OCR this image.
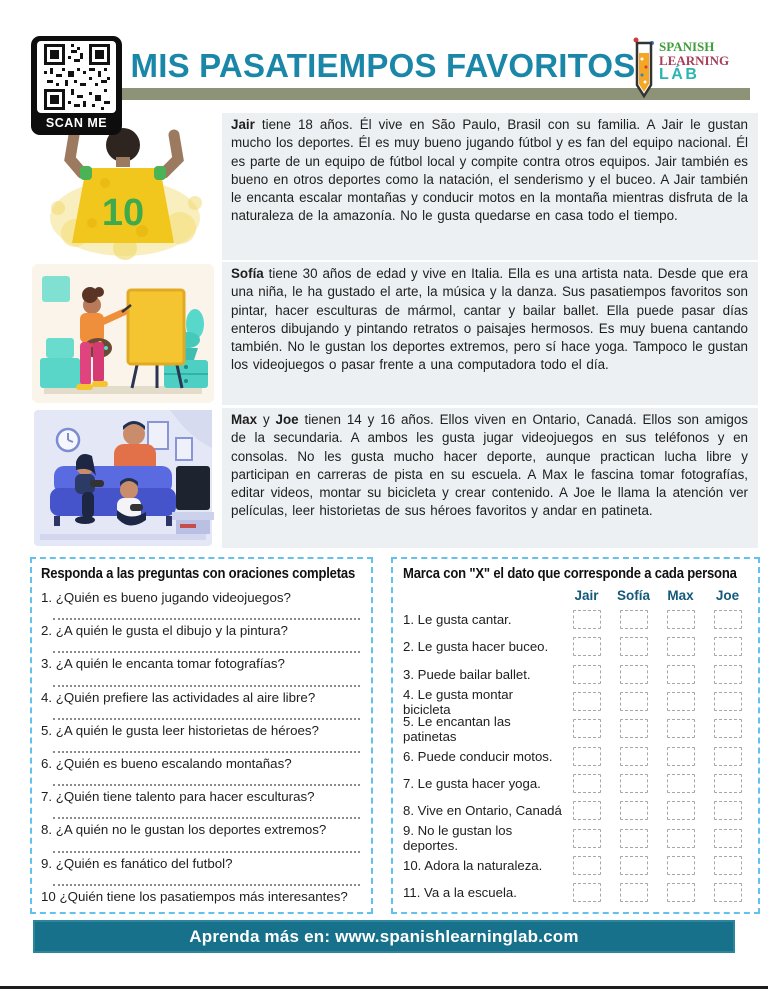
SCAN ME
MIS PASATIEMPOS FAVORITOS
SPANISH
LEARNING
LÁB
10

Jair tiene 18 años. Él vive en São Paulo, Brasil con su familia. A Jair le gustan mucho los deportes. Él es muy bueno jugando fútbol y es fan del equipo nacional. Él es parte de un equipo de fútbol local y compite contra otros equipos. Jair también es bueno en otros deportes como la natación, el senderismo y el buceo. A Jair también le encanta escalar montañas y conducir motos en la montaña mientras disfruta de la naturaleza de la amazonía. No le gusta quedarse en casa todo el tiempo.

Sofía tiene 30 años de edad y vive en Italia. Ella es una artista nata. Desde que era una niña, le ha gustado el arte, la música y la danza. Sus pasatiempos favoritos son pintar, hacer esculturas de mármol, cantar y bailar ballet. Ella puede pasar días enteros dibujando y pintando retratos o paisajes hermosos. Es muy buena cantando también. No le gustan los deportes extremos, pero sí hace yoga. Tampoco le gustan los videojuegos o pasar frente a una computadora todo el día.

Max y Joe tienen 14 y 16 años. Ellos viven en Ontario, Canadá. Ellos son amigos de la secundaria. A ambos les gusta jugar videojuegos en sus teléfonos y en consolas. No les gusta mucho hacer deporte, aunque practican lucha libre y participan en carreras de pista en su escuela. A Max le fascina tomar fotografías, editar videos, montar su bicicleta y crear contenido. A Joe le llama la atención ver películas, leer historietas de sus héroes favoritos y andar en patineta.

Responda a las preguntas con oraciones completas
1. ¿Quién es bueno jugando videojuegos?
2. ¿A quién le gusta el dibujo y la pintura?
3. ¿A quién le encanta tomar fotografías?
4. ¿Quién prefiere las actividades al aire libre?
5. ¿A quién le gusta leer historietas de héroes?
6. ¿Quién es bueno escalando montañas?
7. ¿Quién tiene talento para hacer esculturas?
8. ¿A quién no le gustan los deportes extremos?
9. ¿Quién es fanático del futbol?
10 ¿Quién tiene los pasatiempos más interesantes?
Marca con "X" el dato que corresponde a cada persona
Jair	Sofía	Max	Joe
1. Le gusta cantar.
2. Le gusta hacer buceo.
3. Puede bailar ballet.
4. Le gusta montar bicicleta
5. Le encantan las patinetas
6. Puede conducir motos.
7. Le gusta hacer yoga.
8. Vive en Ontario, Canadá
9. No le gustan los deportes.
10. Adora la naturaleza.
11. Va a la escuela.
Aprenda más en: www.spanishlearninglab.com
